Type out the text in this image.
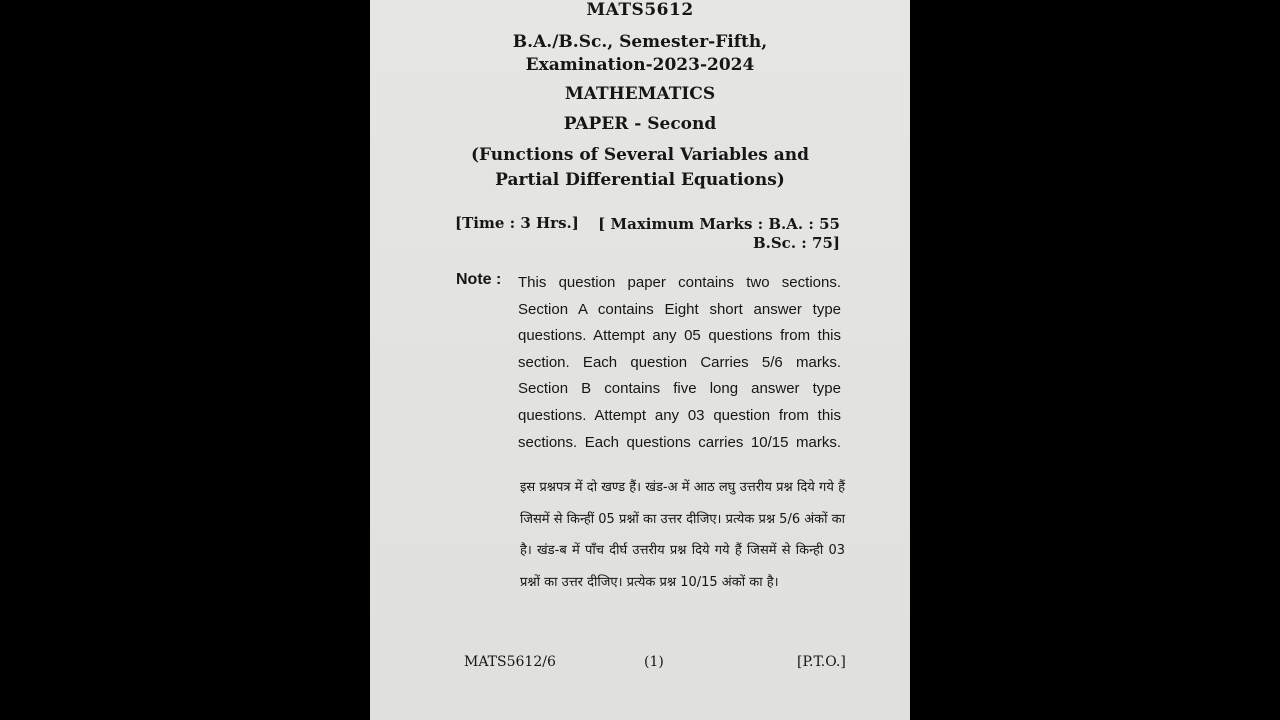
MATS5612
B.A./B.Sc., Semester-Fifth,
Examination-2023-2024
MATHEMATICS
PAPER - Second
(Functions of Several Variables and
Partial Differential Equations)
[Time : 3 Hrs.] [ Maximum Marks : B.A. : 55
B.Sc. : 75]
Note : This question paper contains two sections.
Section A contains Eight short answer type
questions. Attempt any 05 questions from this
section. Each question Carries 5/6 marks.
Section B contains five long answer type
questions. Attempt any 03 question from this
sections. Each questions carries 10/15 marks.
इस प्रश्नपत्र में दो खण्ड हैं। खंड-अ में आठ लघु उत्तरीय प्रश्न दिये गये हैं जिसमें से किन्हीं 05 प्रश्नों का उत्तर दीजिए। प्रत्येक प्रश्न 5/6 अंकों का है। खंड-ब में पाँच दीर्घ उत्तरीय प्रश्न दिये गये हैं जिसमें से किन्ही 03 प्रश्नों का उत्तर दीजिए। प्रत्येक प्रश्न 10/15 अंकों का है।
MATS5612/6	(1)	[P.T.O.]
